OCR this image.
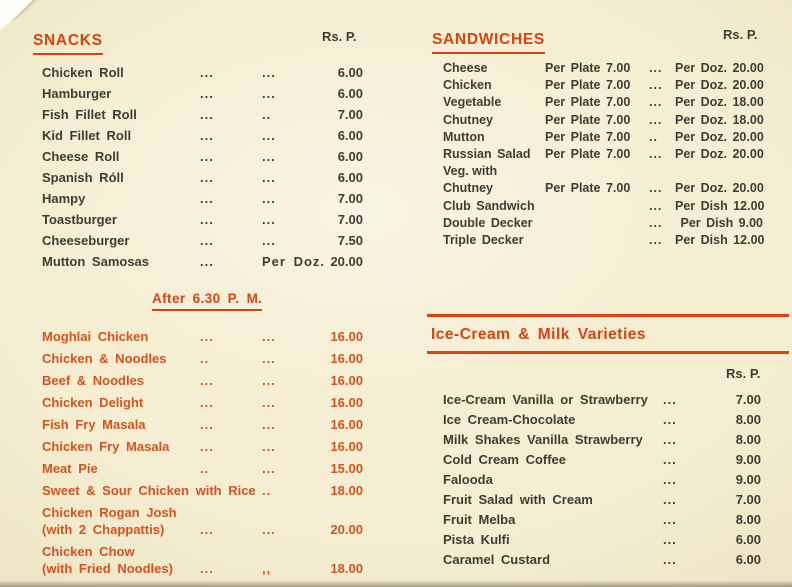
SNACKS	Rs. P.
Chicken Roll	...	...	6.00
Hamburger	...	...	6.00
Fish Fillet Roll	...	..	7.00
Kid Fillet Roll	...	...	6.00
Cheese Roll	...	...	6.00
Spanish Róll	...	...	6.00
Hampy	...	...	7.00
Toastburger	...	...	7.00
Cheeseburger	...	...	7.50
Mutton Samosas	...	Per Doz. 20.00
After 6.30 P. M.
Moghlai Chicken	...	...	16.00
Chicken & Noodles	..	...	16.00
Beef & Noodles	...	...	16.00
Chicken Delight	...	...	16.00
Fish Fry Masala	...	...	16.00
Chicken Fry Masala	...	...	16.00
Meat Pie	..	...	15.00
Sweet & Sour Chicken with Rice ..	18.00
Chicken Rogan Josh
(with 2 Chappattis)	...	...	20.00
Chicken Chow
(with Fried Noodles)	...	,,	18.00
SANDWICHES	Rs. P.
Cheese	Per Plate 7.00	...	Per Doz. 20.00
Chicken	Per Plate 7.00	...	Per Doz. 20.00
Vegetable	Per Plate 7.00	...	Per Doz. 18.00
Chutney	Per Plate 7.00	...	Per Doz. 18.00
Mutton	Per Plate 7.00	..	Per Doz. 20.00
Russian Salad	Per Plate 7.00	...	Per Doz. 20.00
Veg. with
Chutney	Per Plate 7.00	...	Per Doz. 20.00
Club Sandwich	...	Per Dish 12.00
Double Decker	...	Per Dish 9.00
Triple Decker	...	Per Dish 12.00
Ice-Cream & Milk Varieties
Rs. P.
Ice-Cream Vanilla or Strawberry	...	7.00
Ice Cream-Chocolate	...	8.00
Milk Shakes Vanilla Strawberry	...	8.00
Cold Cream Coffee	...	9.00
Falooda	...	9.00
Fruit Salad with Cream	...	7.00
Fruit Melba	...	8.00
Pista Kulfi	...	6.00
Caramel Custard	...	6.00
